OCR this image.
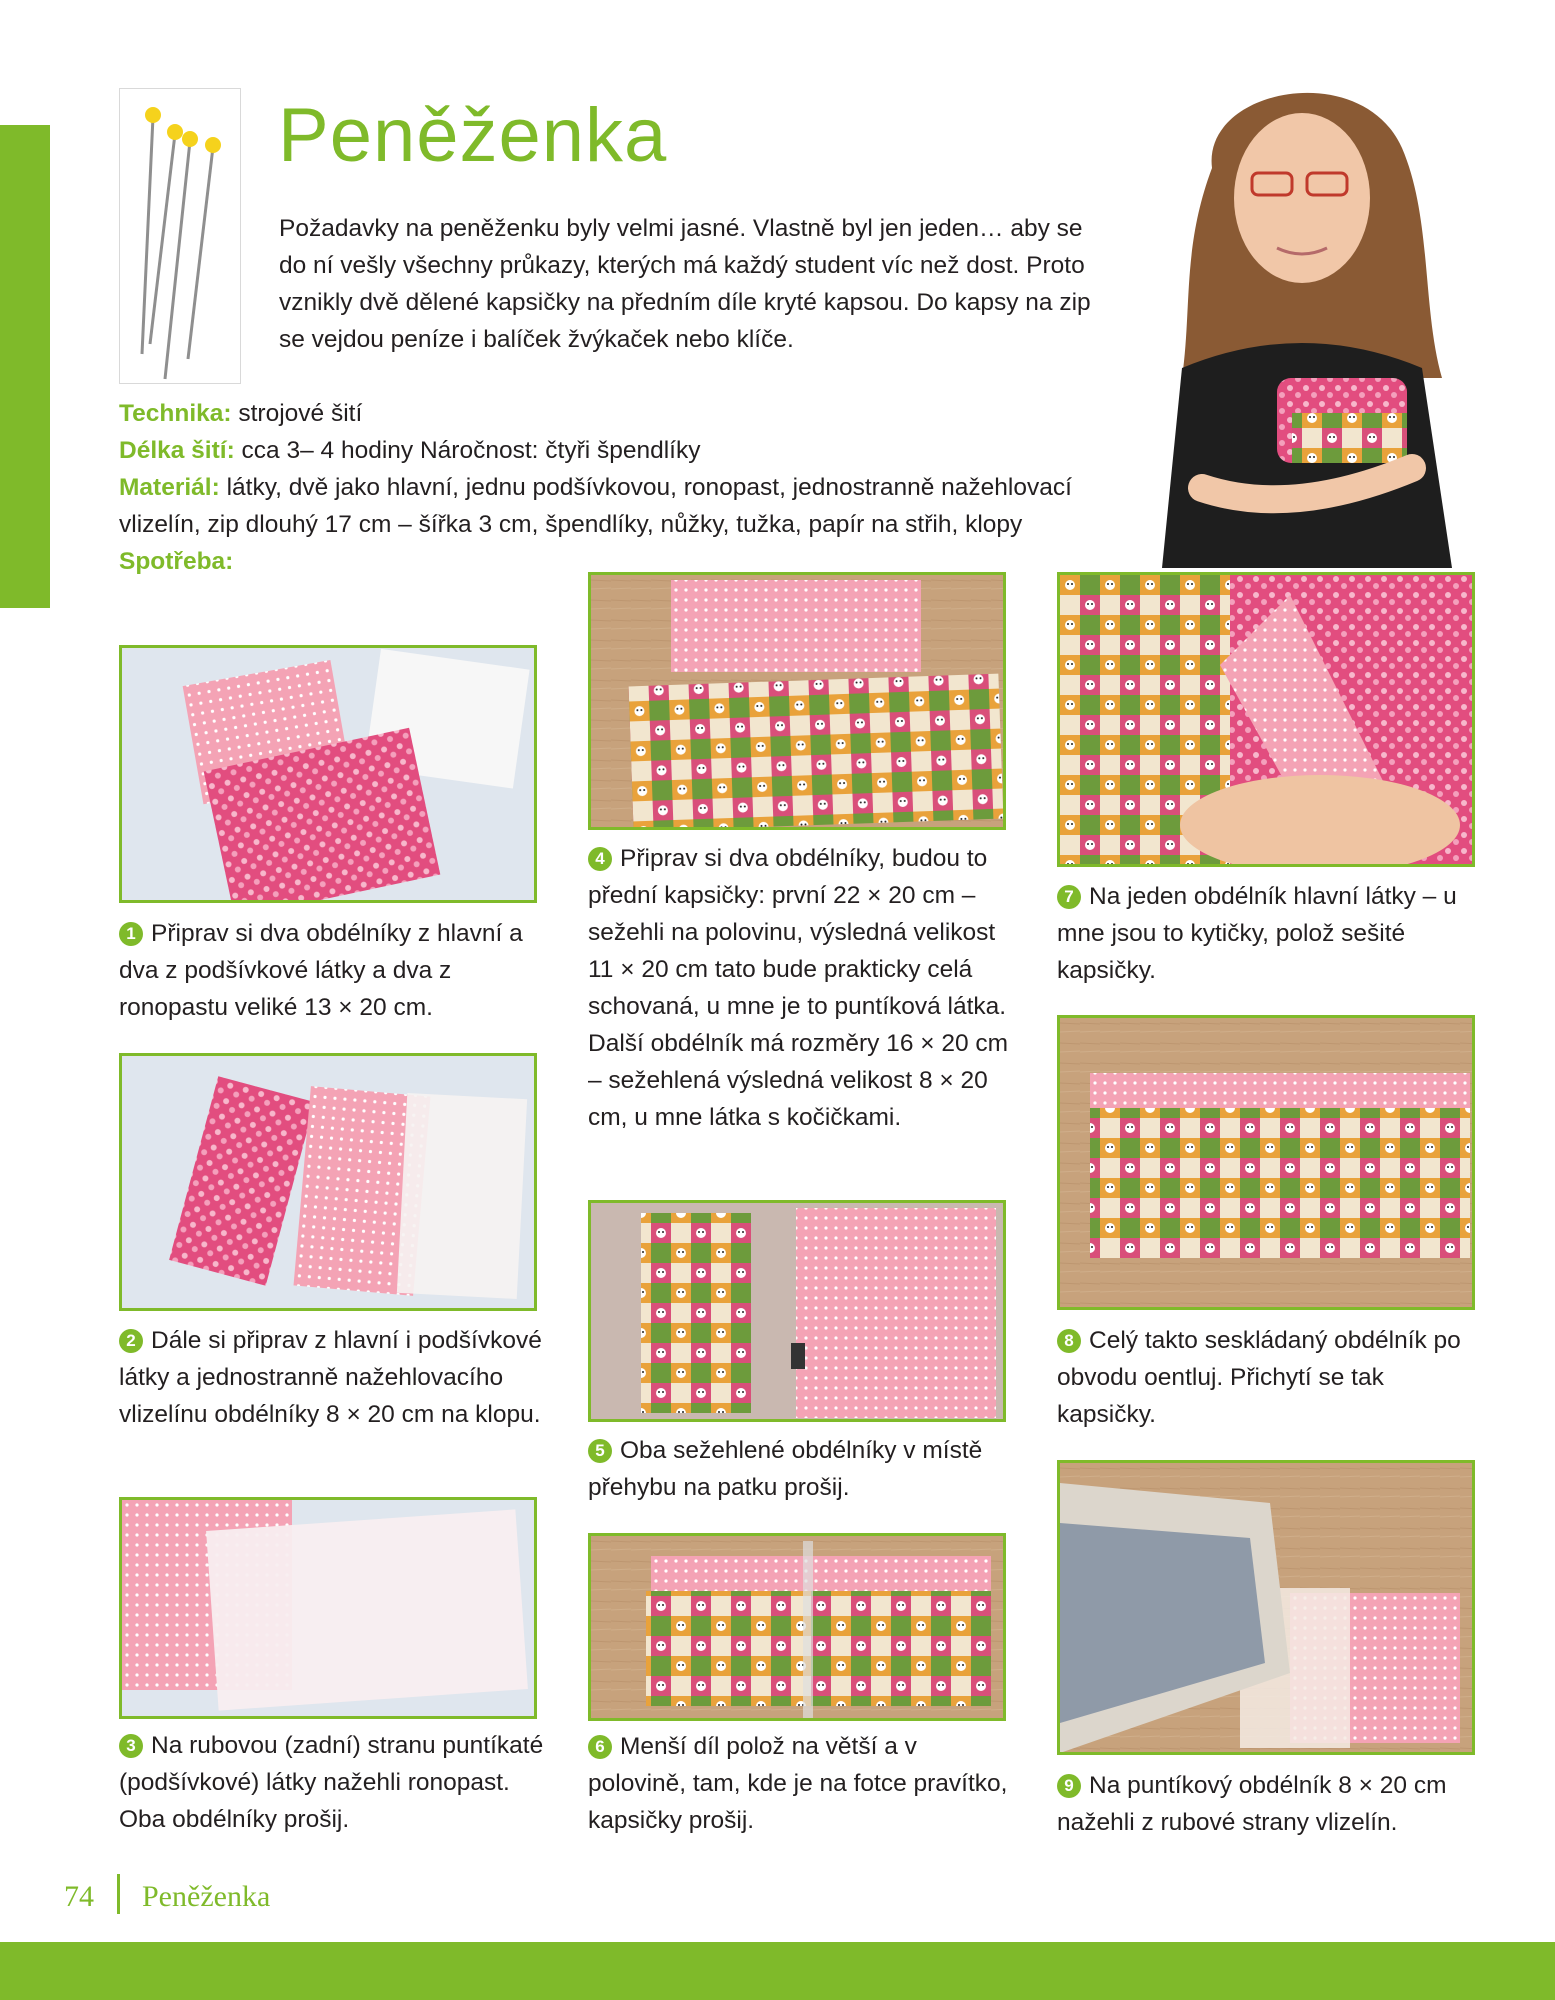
Peněženka
Požadavky na peněženku byly velmi jasné. Vlastně byl jen jeden… aby se do ní vešly všechny průkazy, kterých má každý student víc než dost. Proto vznikly dvě dělené kapsičky na předním díle kryté kapsou. Do kapsy na zip se vejdou peníze i balíček žvýkaček nebo klíče.
Technika: strojové šití
Délka šití: cca 3– 4 hodiny Náročnost: čtyři špendlíky
Materiál: látky, dvě jako hlavní, jednu podšívkovou, ronopast, jednostranně nažehlovací vlizelín, zip dlouhý 17 cm – šířka 3 cm, špendlíky, nůžky, tužka, papír na střih, klopy
Spotřeba:
1 Připrav si dva obdélníky z hlavní a dva z podšívkové látky a dva z ronopastu veliké 13 × 20 cm.
2 Dále si připrav z hlavní i podšívkové látky a jednostranně nažehlovacího vlizelínu obdélníky 8 × 20 cm na klopu.
3 Na rubovou (zadní) stranu puntíkaté (podšívkové) látky nažehli ronopast. Oba obdélníky prošij.
4 Připrav si dva obdélníky, budou to přední kapsičky: první 22 × 20 cm – sežehli na polovinu, výsledná velikost 11 × 20 cm tato bude prakticky celá schovaná, u mne je to puntíková látka. Další obdélník má rozměry 16 × 20 cm – sežehlená výsledná velikost 8 × 20 cm, u mne látka s kočičkami.
5 Oba sežehlené obdélníky v místě přehybu na patku prošij.
6 Menší díl polož na větší a v polovině, tam, kde je na fotce pravítko, kapsičky prošij.
7 Na jeden obdélník hlavní látky – u mne jsou to kytičky, polož sešité kapsičky.
8 Celý takto seskládaný obdélník po obvodu oentluj. Přichytí se tak kapsičky.
9 Na puntíkový obdélník 8 × 20 cm nažehli z rubové strany vlizelín.
74 Peněženka
